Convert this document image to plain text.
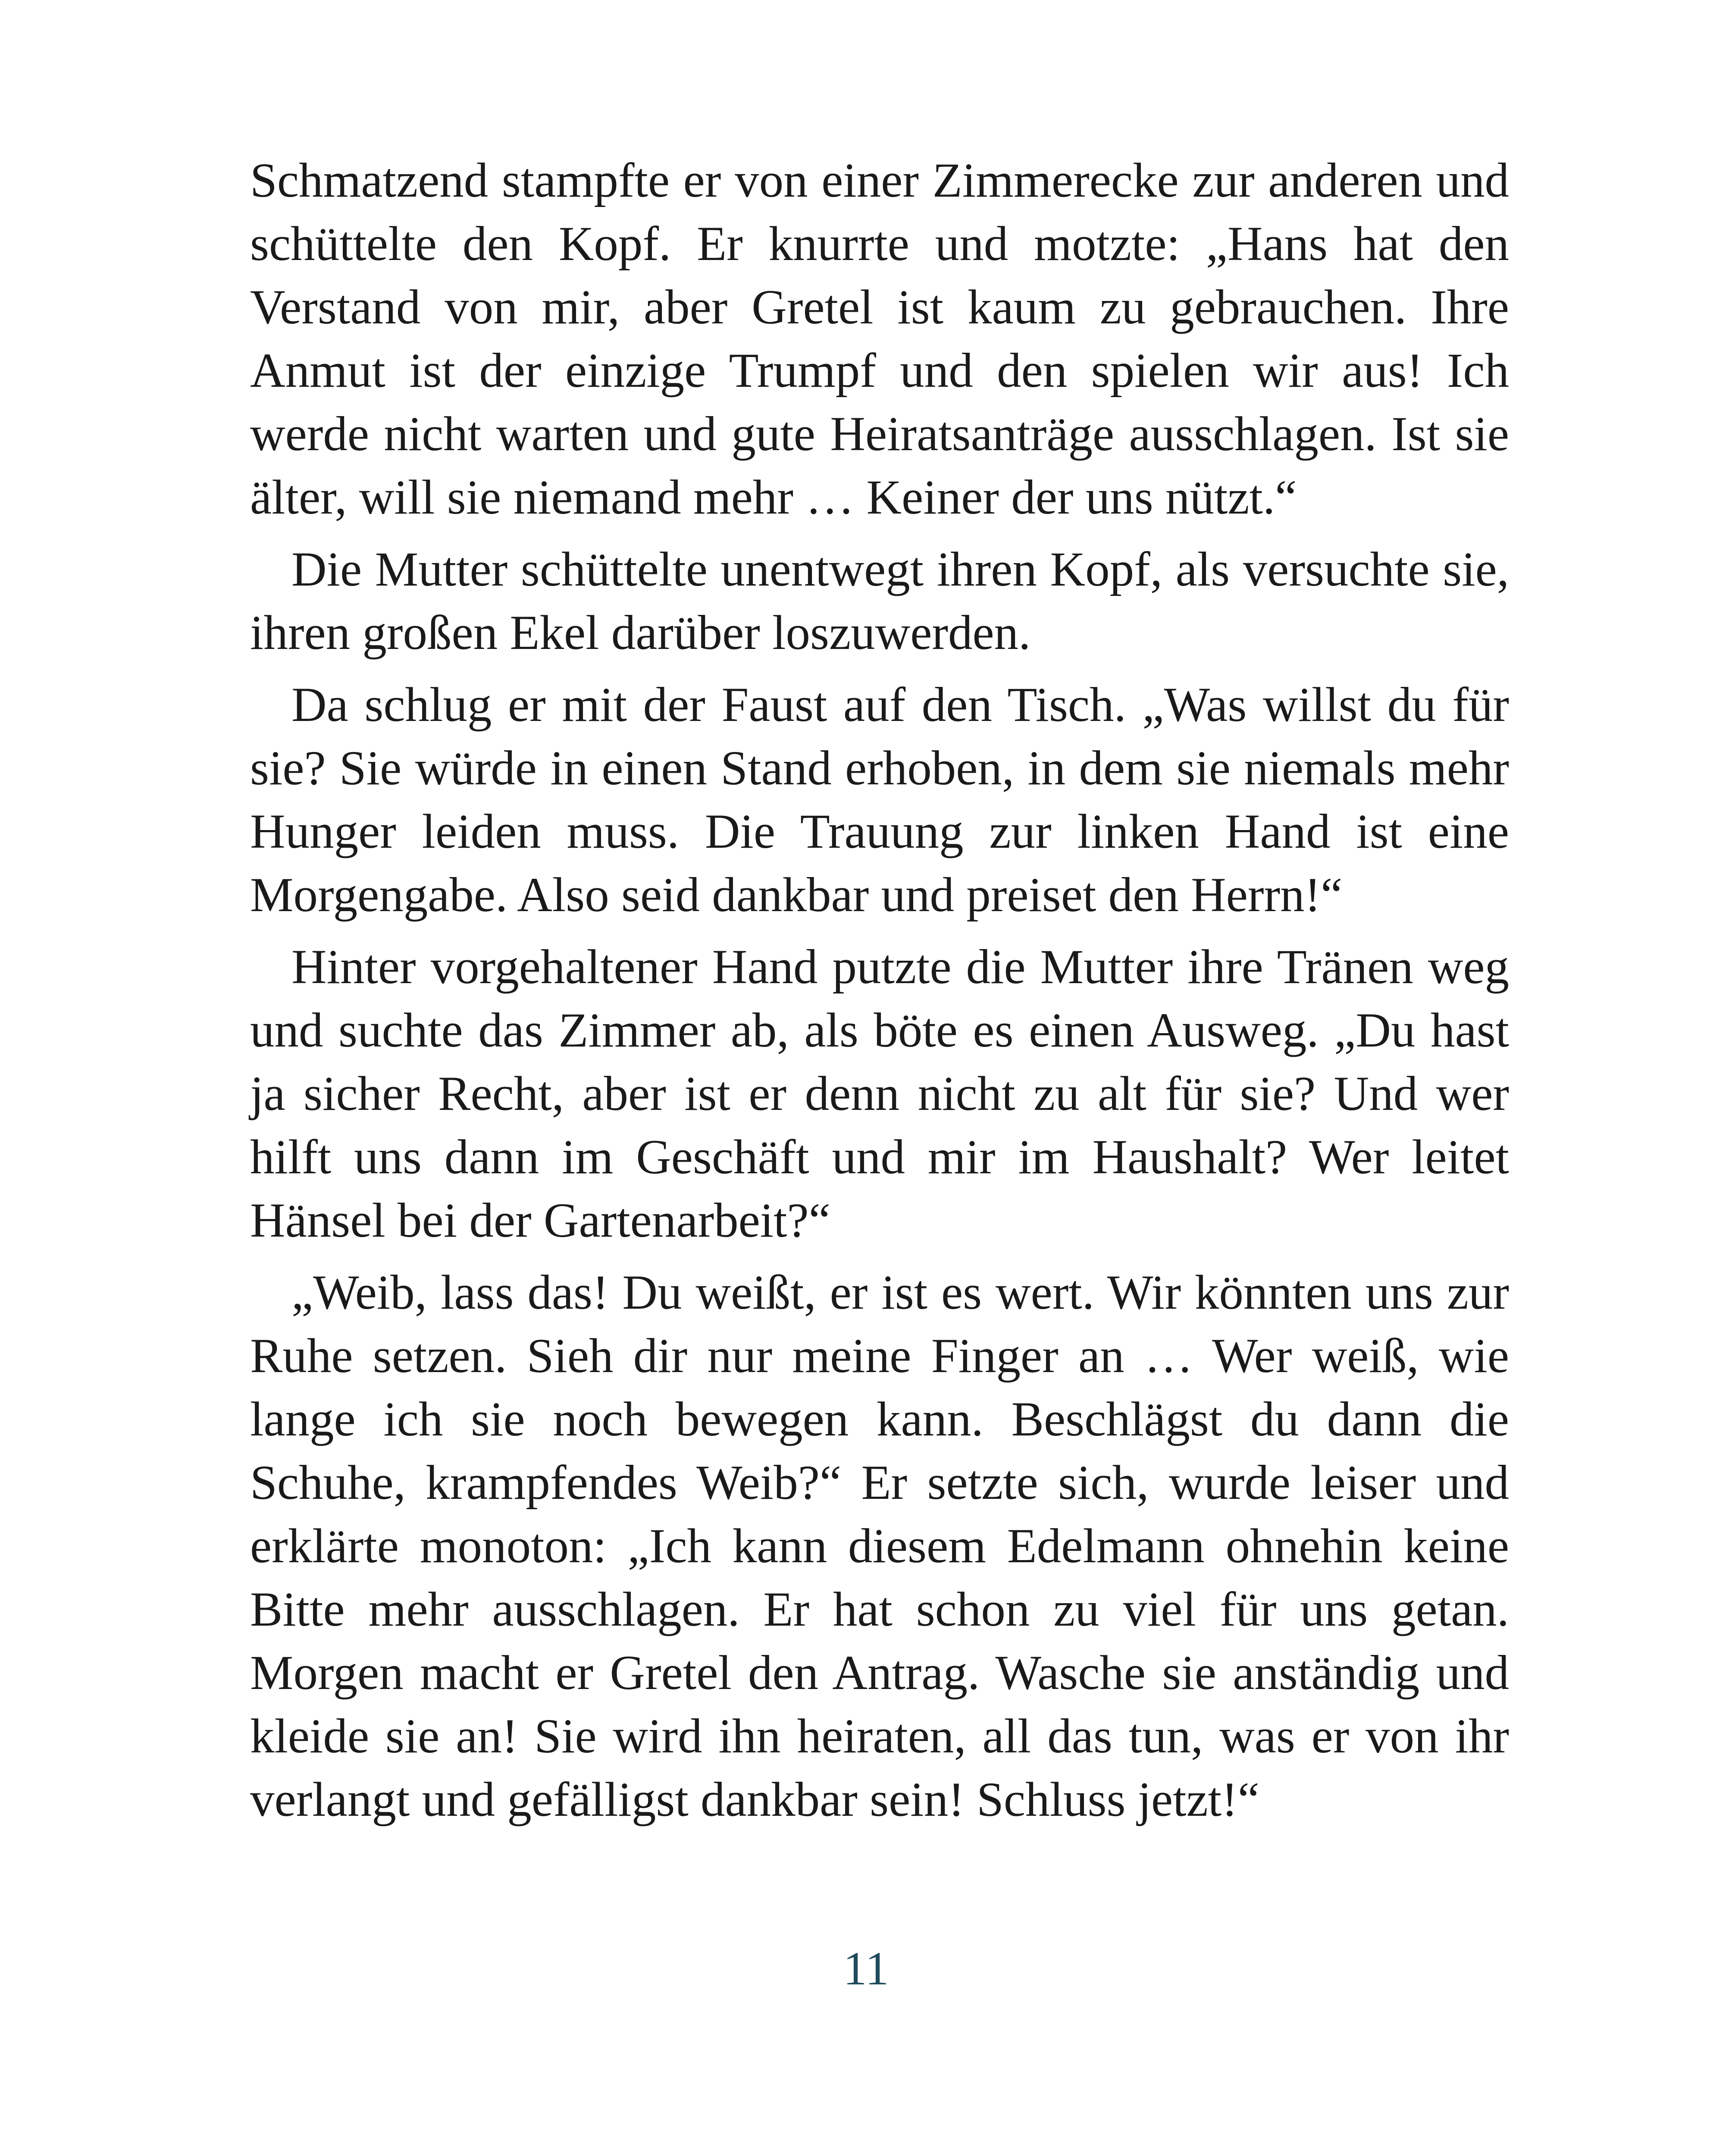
Schmatzend stampfte er von einer Zimmerecke zur anderen und schüttelte den Kopf. Er knurrte und motzte: „Hans hat den Verstand von mir, aber Gretel ist kaum zu gebrauchen. Ihre Anmut ist der einzige Trumpf und den spielen wir aus! Ich werde nicht warten und gute Heiratsanträge ausschlagen. Ist sie älter, will sie niemand mehr … Keiner der uns nützt.“

Die Mutter schüttelte unentwegt ihren Kopf, als versuchte sie, ihren großen Ekel darüber loszuwerden.

Da schlug er mit der Faust auf den Tisch. „Was willst du für sie? Sie würde in einen Stand erhoben, in dem sie niemals mehr Hunger leiden muss. Die Trauung zur linken Hand ist eine Morgengabe. Also seid dankbar und preiset den Herrn!“

Hinter vorgehaltener Hand putzte die Mutter ihre Tränen weg und suchte das Zimmer ab, als böte es einen Ausweg. „Du hast ja sicher Recht, aber ist er denn nicht zu alt für sie? Und wer hilft uns dann im Geschäft und mir im Haushalt? Wer leitet Hänsel bei der Gartenarbeit?“

„Weib, lass das! Du weißt, er ist es wert. Wir könnten uns zur Ruhe setzen. Sieh dir nur meine Finger an … Wer weiß, wie lange ich sie noch bewegen kann. Beschlägst du dann die Schuhe, krampfendes Weib?“ Er setzte sich, wurde leiser und erklärte monoton: „Ich kann diesem Edelmann ohnehin keine Bitte mehr ausschlagen. Er hat schon zu viel für uns getan. Morgen macht er Gretel den Antrag. Wasche sie anständig und kleide sie an! Sie wird ihn heiraten, all das tun, was er von ihr verlangt und gefälligst dankbar sein! Schluss jetzt!“

11
